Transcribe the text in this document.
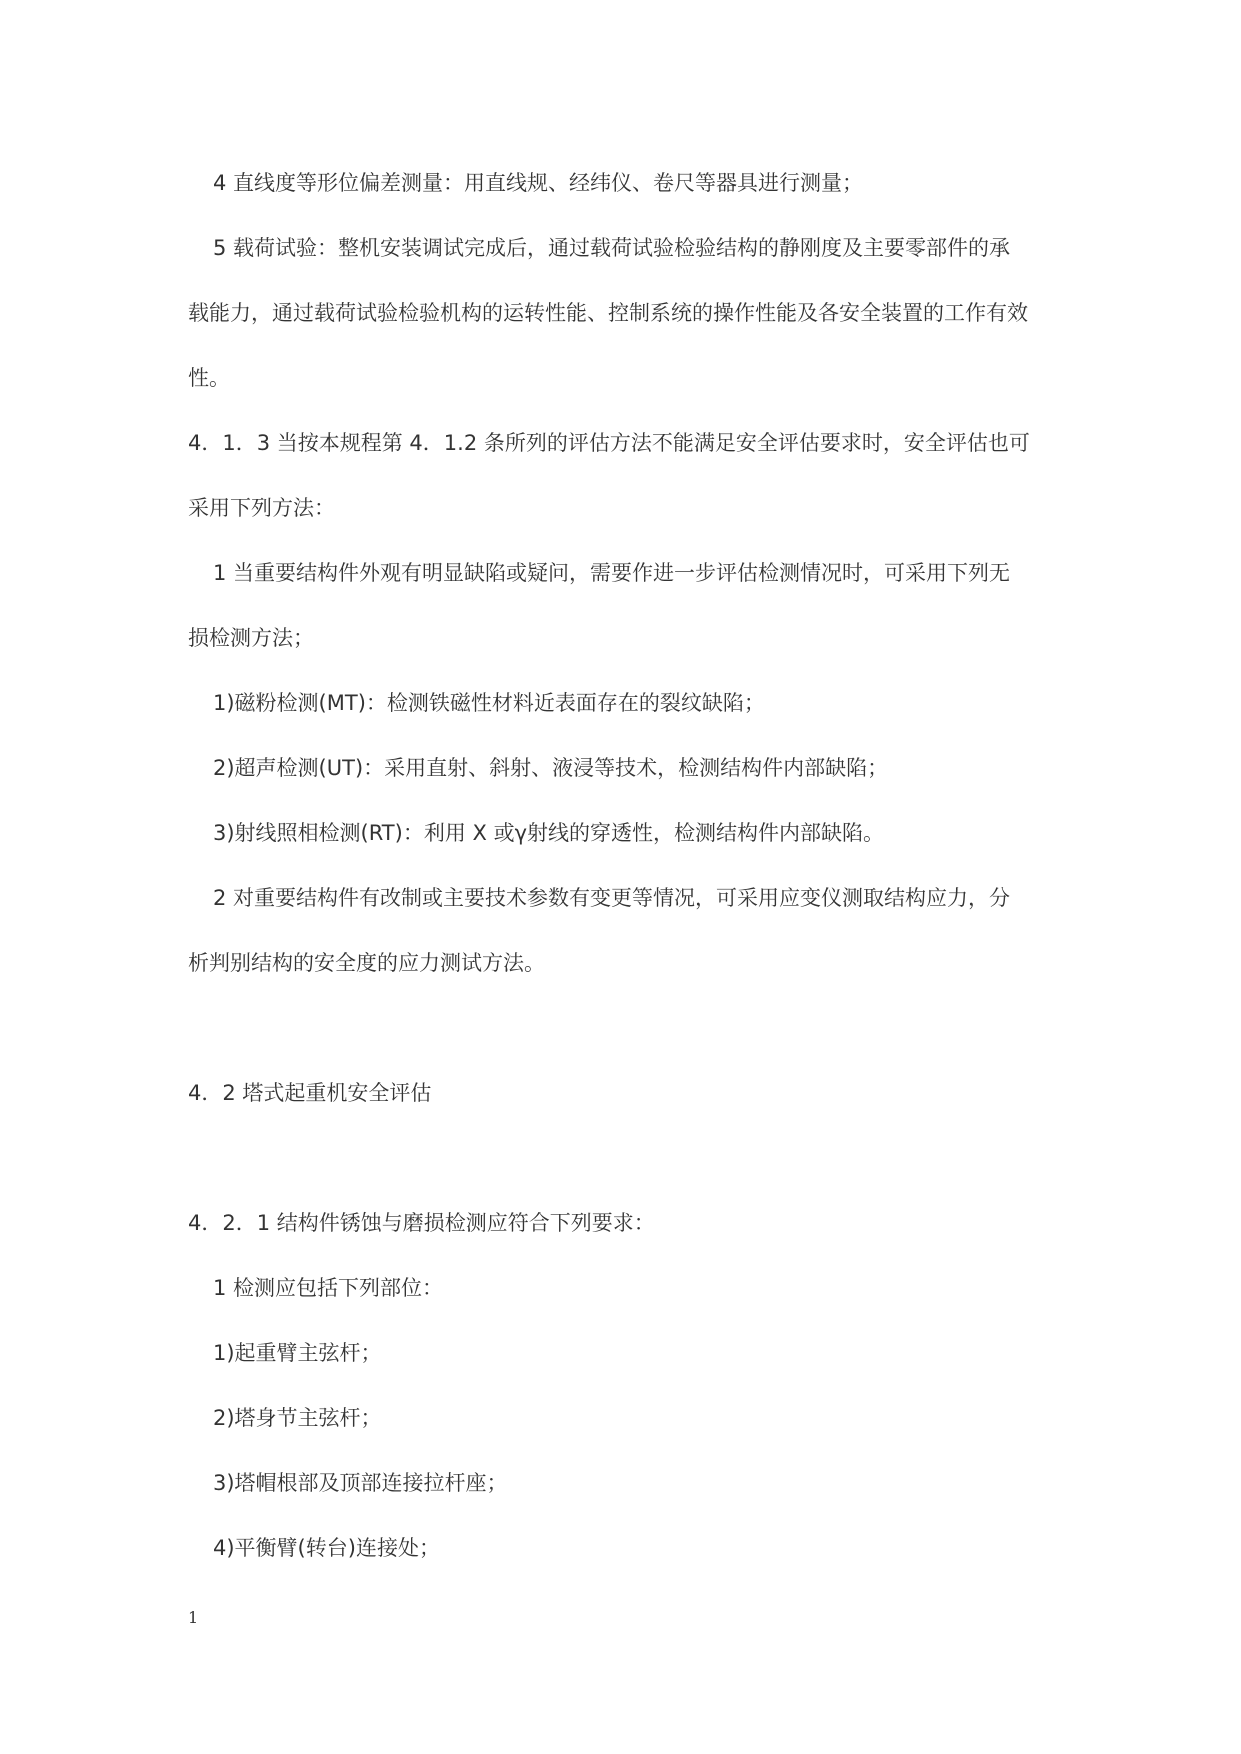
4 直线度等形位偏差测量：用直线规、经纬仪、卷尺等器具进行测量；
5 载荷试验：整机安装调试完成后，通过载荷试验检验结构的静刚度及主要零部件的承
载能力，通过载荷试验检验机构的运转性能、控制系统的操作性能及各安全装置的工作有效
性。
4．1．3 当按本规程第 4．1.2 条所列的评估方法不能满足安全评估要求时，安全评估也可
采用下列方法：
1 当重要结构件外观有明显缺陷或疑问，需要作进一步评估检测情况时，可采用下列无
损检测方法；
1)磁粉检测(MT)：检测铁磁性材料近表面存在的裂纹缺陷；
2)超声检测(UT)：采用直射、斜射、液浸等技术，检测结构件内部缺陷；
3)射线照相检测(RT)：利用 X 或γ射线的穿透性，检测结构件内部缺陷。
2 对重要结构件有改制或主要技术参数有变更等情况，可采用应变仪测取结构应力，分
析判别结构的安全度的应力测试方法。
4．2 塔式起重机安全评估
4．2．1 结构件锈蚀与磨损检测应符合下列要求：
1 检测应包括下列部位：
1)起重臂主弦杆；
2)塔身节主弦杆；
3)塔帽根部及顶部连接拉杆座；
4)平衡臂(转台)连接处；
1
